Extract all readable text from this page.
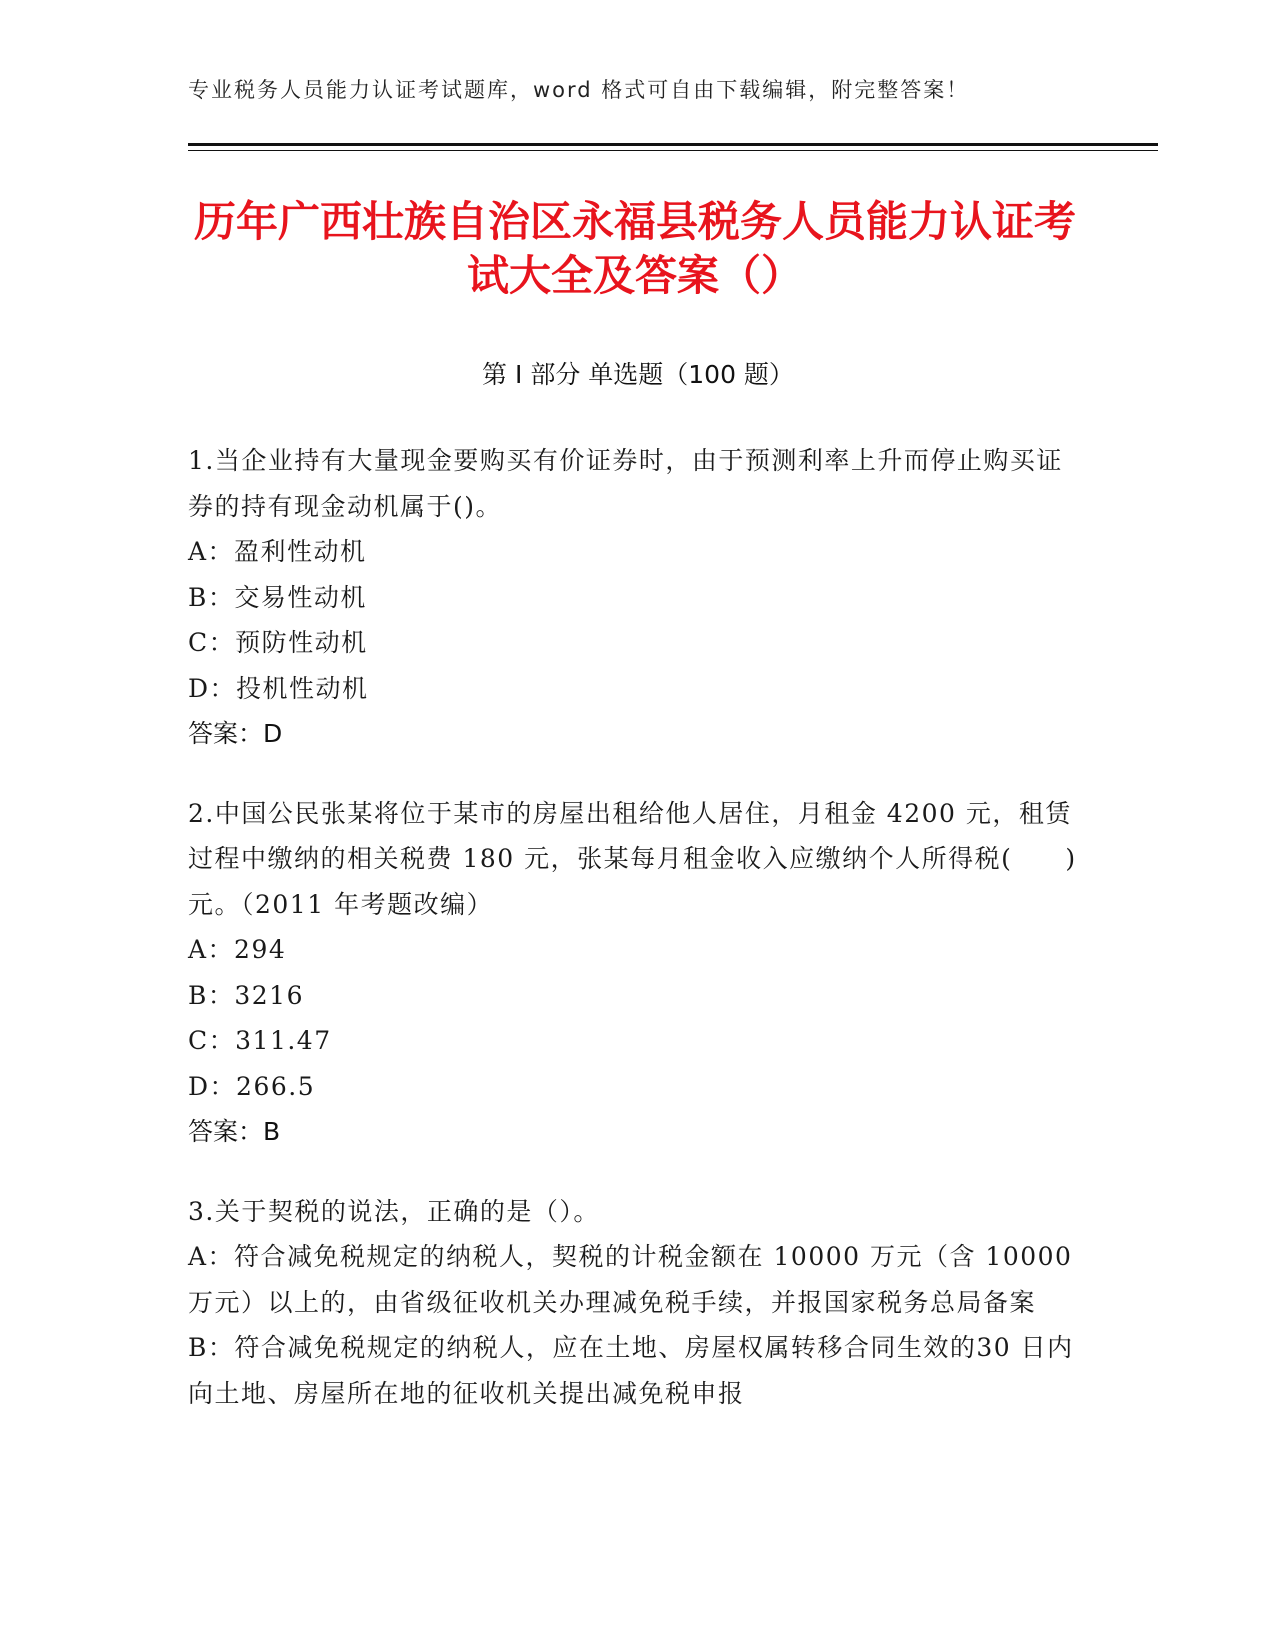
专业税务人员能力认证考试题库，word 格式可自由下载编辑，附完整答案！
历年广西壮族自治区永福县税务人员能力认证考试大全及答案（）
第 I 部分 单选题（100 题）
1.当企业持有大量现金要购买有价证券时，由于预测利率上升而停止购买证券的持有现金动机属于()。
A：盈利性动机
B：交易性动机
C：预防性动机
D：投机性动机
答案：D
2.中国公民张某将位于某市的房屋出租给他人居住，月租金 4200 元，租赁过程中缴纳的相关税费 180 元，张某每月租金收入应缴纳个人所得税(　　)元。（2011 年考题改编）
A：294
B：3216
C：311.47
D：266.5
答案：B
3.关于契税的说法，正确的是（）。
A：符合减免税规定的纳税人，契税的计税金额在 10000 万元（含 10000 万元）以上的，由省级征收机关办理减免税手续，并报国家税务总局备案
B：符合减免税规定的纳税人，应在土地、房屋权属转移合同生效的30 日内向土地、房屋所在地的征收机关提出减免税申报
